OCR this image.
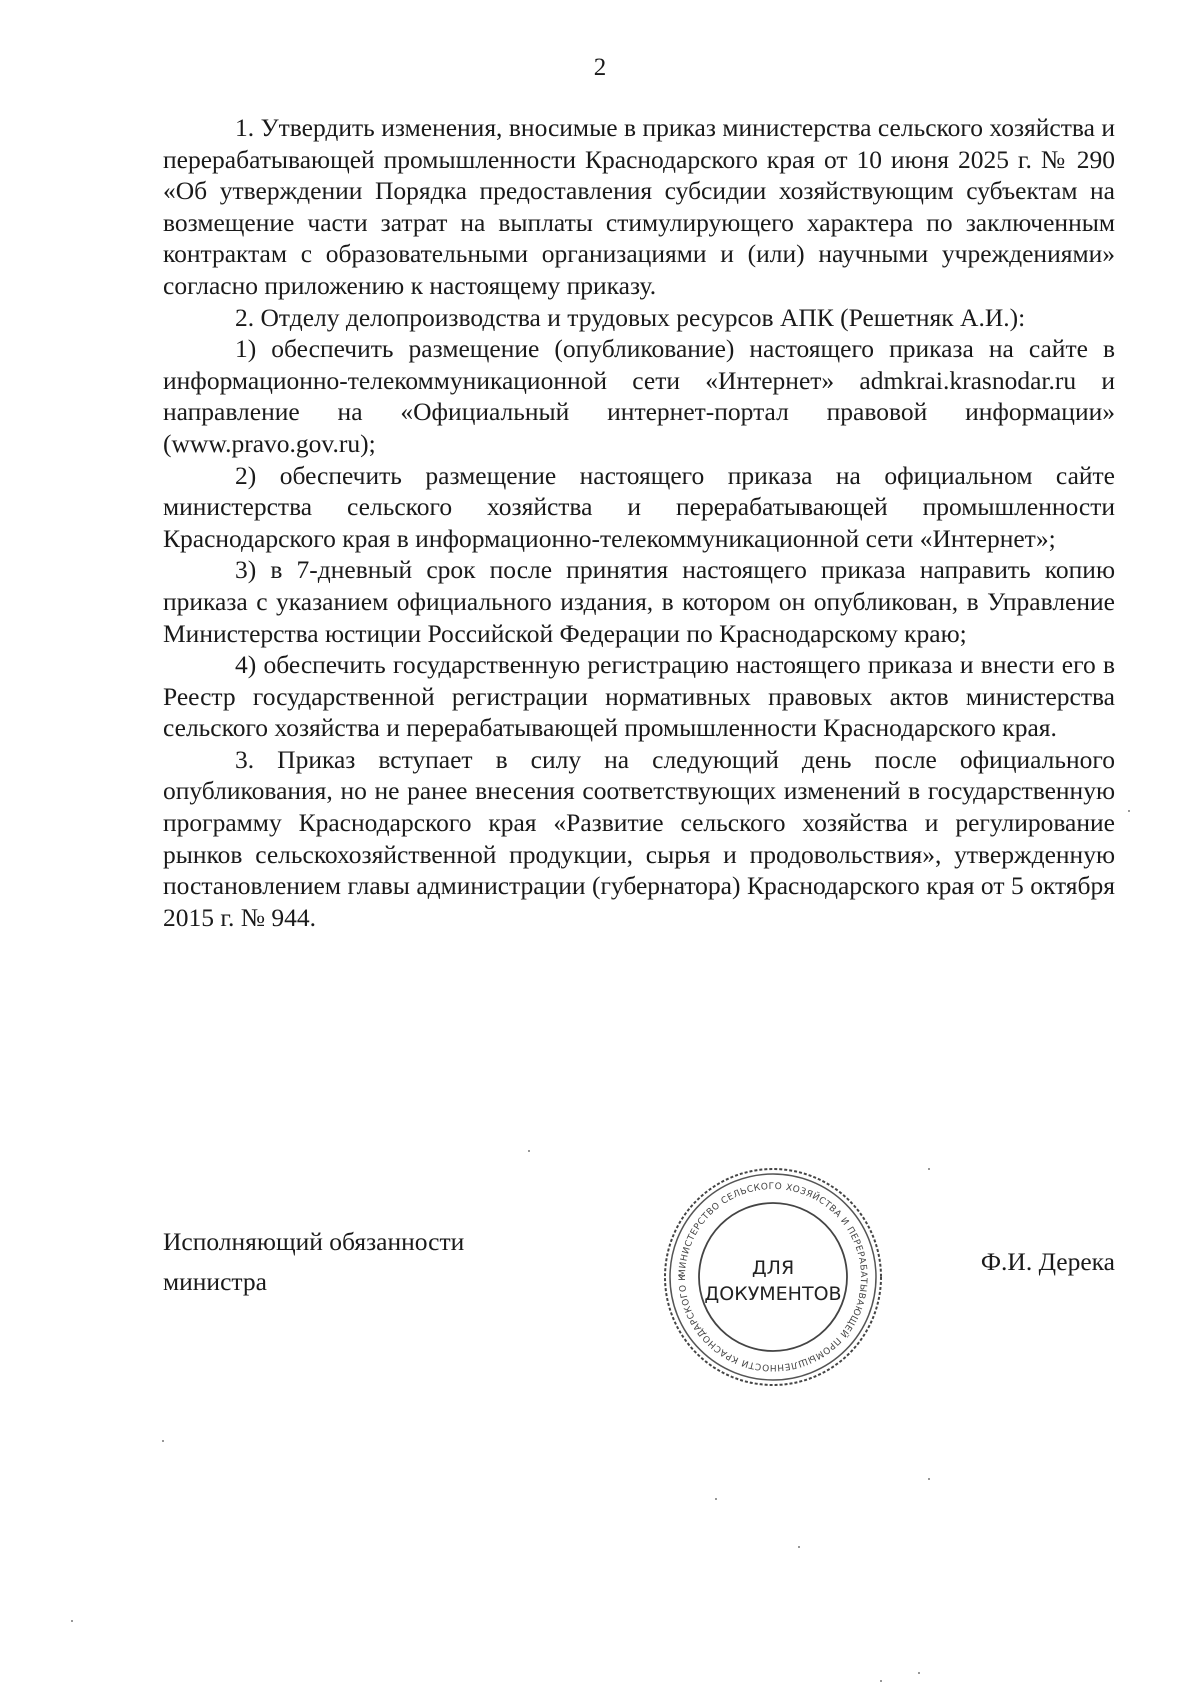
2

1. Утвердить изменения, вносимые в приказ министерства сельского хозяйства и перерабатывающей промышленности Краснодарского края от 10 июня 2025 г. № 290 «Об утверждении Порядка предоставления субсидии хозяйствующим субъектам на возмещение части затрат на выплаты стимулирующего характера по заключенным контрактам с образовательными организациями и (или) научными учреждениями» согласно приложению к настоящему приказу.

2. Отделу делопроизводства и трудовых ресурсов АПК (Решетняк А.И.):

1) обеспечить размещение (опубликование) настоящего приказа на сайте в информационно-телекоммуникационной сети «Интернет» admkrai.krasnodar.ru и направление на «Официальный интернет-портал правовой информации» (www.pravo.gov.ru);

2) обеспечить размещение настоящего приказа на официальном сайте министерства сельского хозяйства и перерабатывающей промышленности Краснодарского края в информационно-телекоммуникационной сети «Интернет»;

3) в 7-дневный срок после принятия настоящего приказа направить копию приказа с указанием официального издания, в котором он опубликован, в Управление Министерства юстиции Российской Федерации по Краснодарскому краю;

4) обеспечить государственную регистрацию настоящего приказа и внести его в Реестр государственной регистрации нормативных правовых актов министерства сельского хозяйства и перерабатывающей промышленности Краснодарского края.

3. Приказ вступает в силу на следующий день после официального опубликования, но не ранее внесения соответствующих изменений в государственную программу Краснодарского края «Развитие сельского хозяйства и регулирование рынков сельскохозяйственной продукции, сырья и продовольствия», утвержденную постановлением главы администрации (губернатора) Краснодарского края от 5 октября 2015 г. № 944.

Исполняющий обязанности
министра	МИНИСТЕРСТВО СЕЛЬСКОГО ХОЗЯЙСТВА И ПЕРЕРАБАТЫВАЮЩЕЙ ПРОМЫШЛЕННОСТИ КРАСНОДАРСКОГО К	ДЛЯ
ДОКУМЕНТОВ
Ф.И. Дерека
